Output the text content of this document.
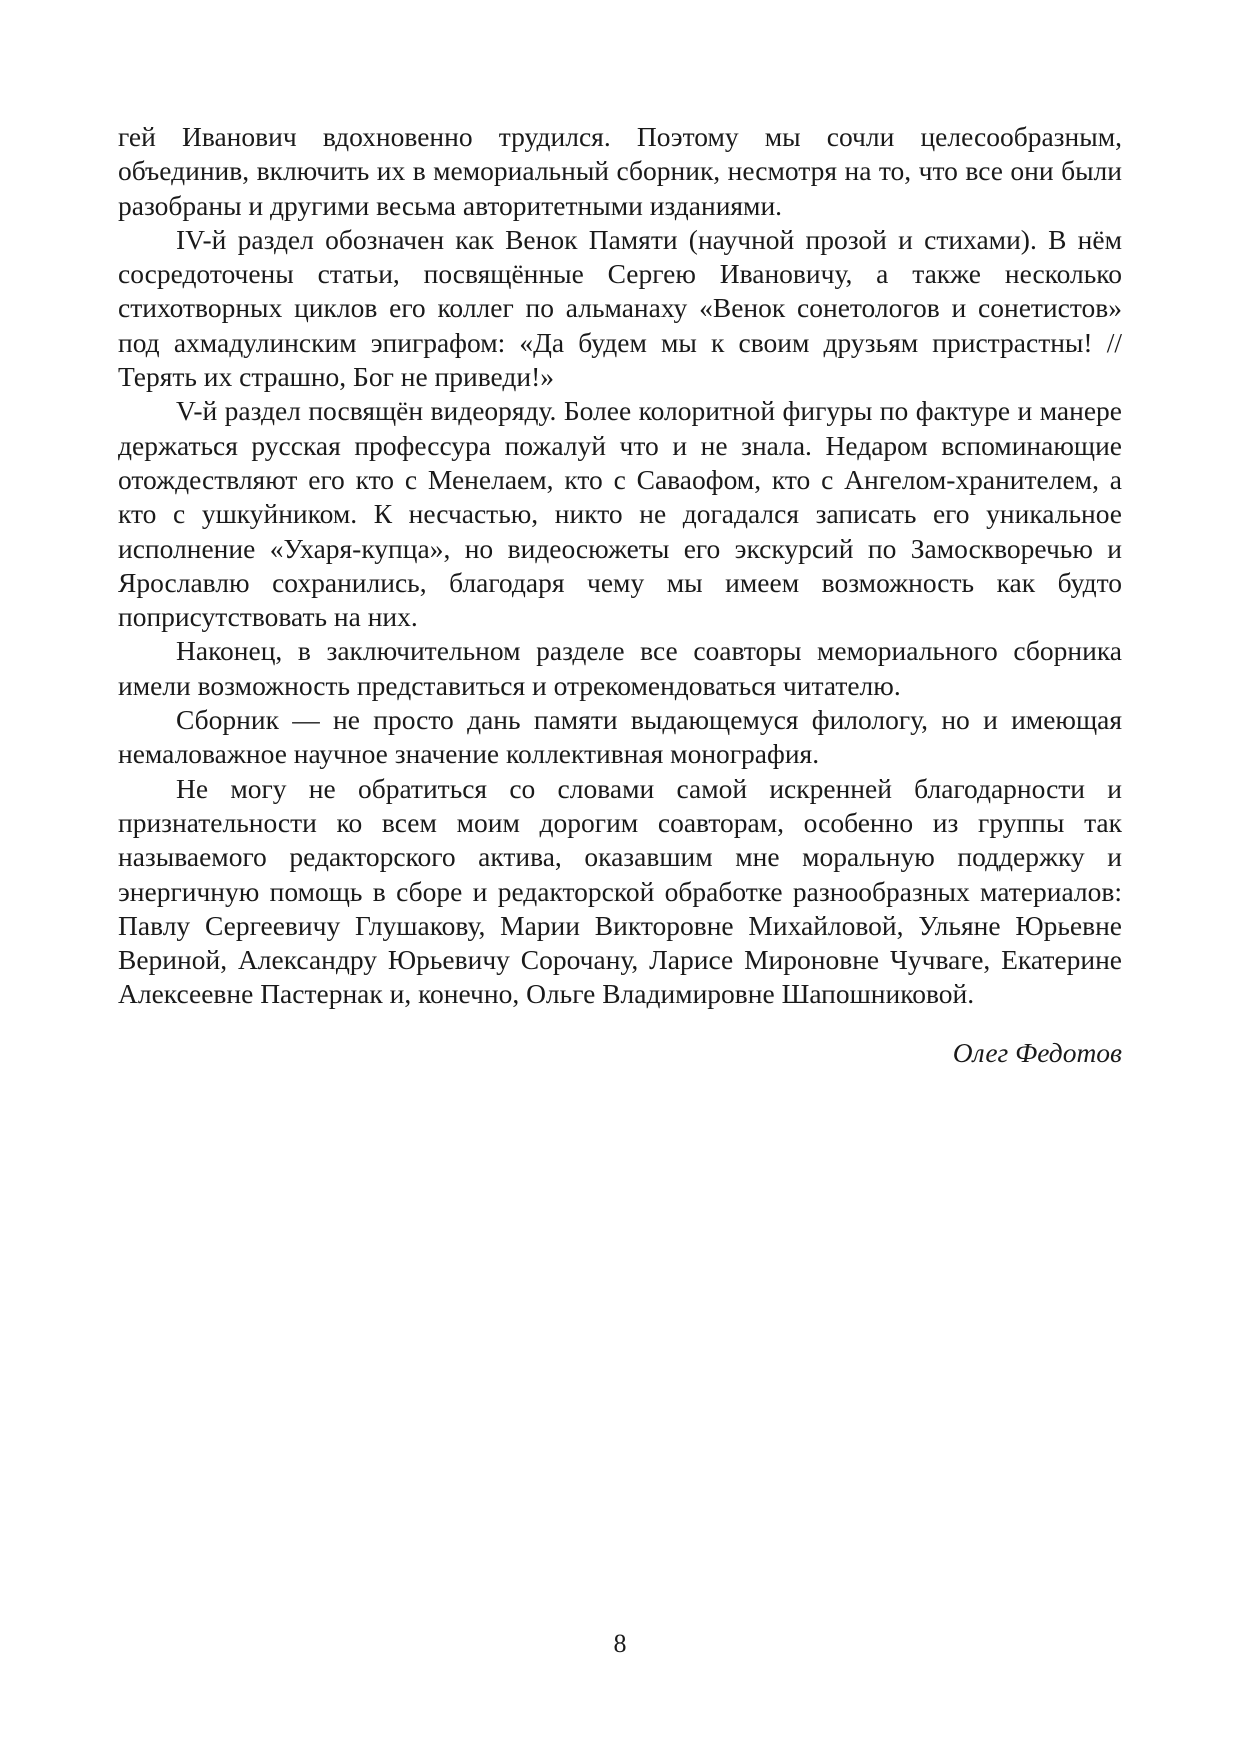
гей Иванович вдохновенно трудился. Поэтому мы сочли целесообразным, объединив, включить их в мемориальный сборник, несмотря на то, что все они были разобраны и другими весьма авторитетными изданиями.

IV-й раздел обозначен как Венок Памяти (научной прозой и стихами). В нём сосредоточены статьи, посвящённые Сергею Ивановичу, а также несколько стихотворных циклов его коллег по альманаху «Венок сонетологов и сонетистов» под ахмадулинским эпиграфом: «Да будем мы к своим друзьям пристрастны! // Терять их страшно, Бог не приведи!»

V-й раздел посвящён видеоряду. Более колоритной фигуры по фактуре и манере держаться русская профессура пожалуй что и не знала. Недаром вспоминающие отождествляют его кто с Менелаем, кто с Саваофом, кто с Ангелом-хранителем, а кто с ушкуйником. К несчастью, никто не догадался записать его уникальное исполнение «Ухаря-купца», но видеосюжеты его экскурсий по Замоскворечью и Ярославлю сохранились, благодаря чему мы имеем возможность как будто поприсутствовать на них.

Наконец, в заключительном разделе все соавторы мемориального сборника имели возможность представиться и отрекомендоваться читателю.

Сборник — не просто дань памяти выдающемуся филологу, но и имеющая немаловажное научное значение коллективная монография.

Не могу не обратиться со словами самой искренней благодарности и признательности ко всем моим дорогим соавторам, особенно из группы так называемого редакторского актива, оказавшим мне моральную поддержку и энергичную помощь в сборе и редакторской обработке разнообразных материалов: Павлу Сергеевичу Глушакову, Марии Викторовне Михайловой, Ульяне Юрьевне Вериной, Александру Юрьевичу Сорочану, Ларисе Мироновне Чучваге, Екатерине Алексеевне Пастернак и, конечно, Ольге Владимировне Шапошниковой.

Олег Федотов

8
